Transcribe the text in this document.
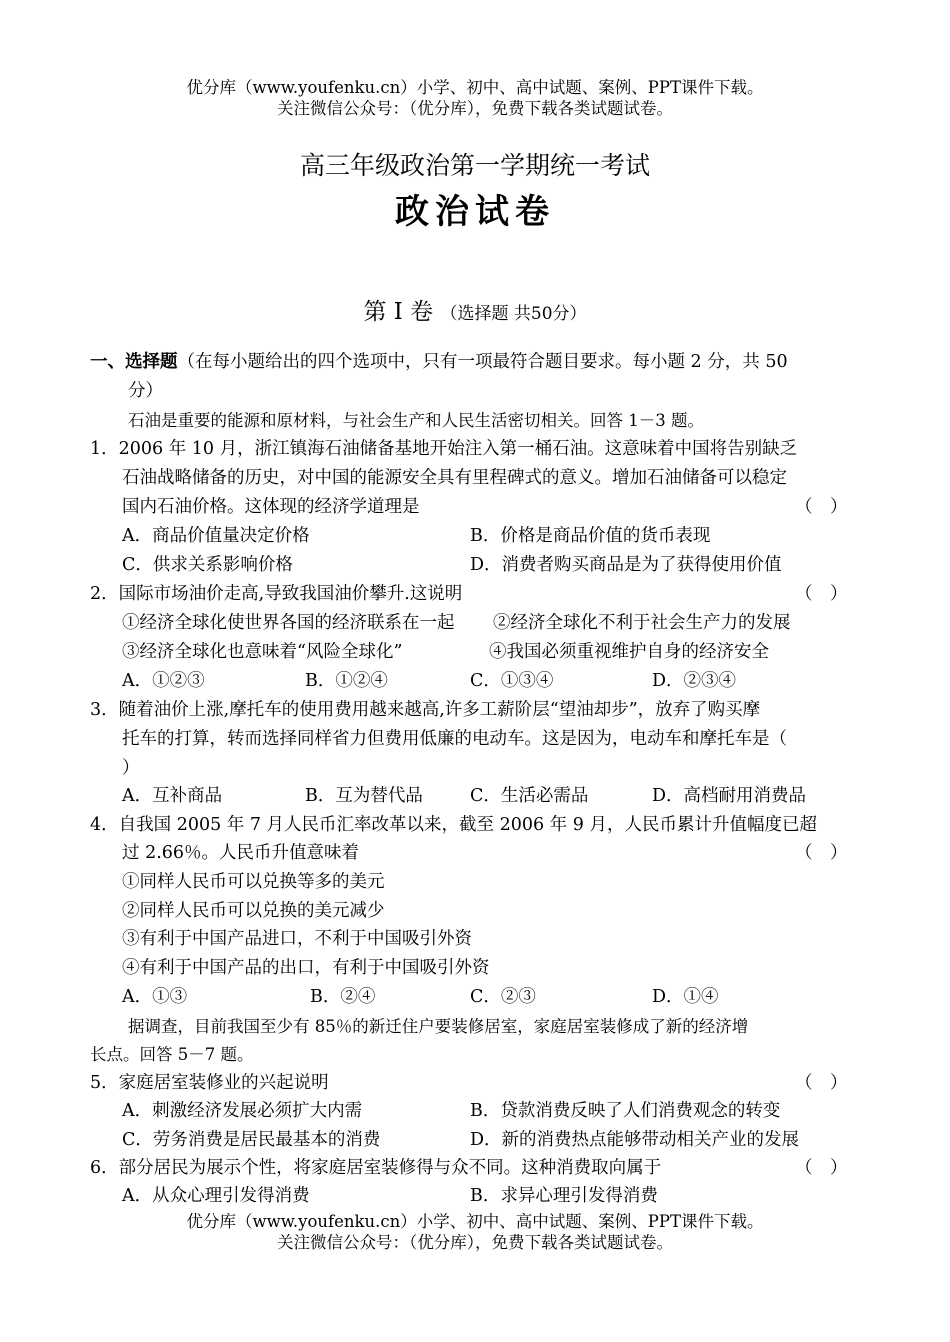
优分库（www.youfenku.cn）小学、初中、高中试题、案例、PPT课件下载。
关注微信公众号：（优分库），免费下载各类试题试卷。
高三年级政治第一学期统一考试
政治试卷
第 I 卷 （选择题 共50分）
一、选择题（在每小题给出的四个选项中，只有一项最符合题目要求。每小题 2 分，共 50
分）
石油是重要的能源和原材料，与社会生产和人民生活密切相关。回答 1－3 题。
1．2006 年 10 月，浙江镇海石油储备基地开始注入第一桶石油。这意味着中国将告别缺乏
石油战略储备的历史，对中国的能源安全具有里程碑式的意义。增加石油储备可以稳定
国内石油价格。这体现的经济学道理是	（　）
A．商品价值量决定价格	B．价格是商品价值的货币表现
C．供求关系影响价格	D．消费者购买商品是为了获得使用价值
2．国际市场油价走高,导致我国油价攀升.这说明	（　）
①经济全球化使世界各国的经济联系在一起 ②经济全球化不利于社会生产力的发展
③经济全球化也意味着“风险全球化”	④我国必须重视维护自身的经济安全
A．①②③	B．①②④	C．①③④	D．②③④
3．随着油价上涨,摩托车的使用费用越来越高,许多工薪阶层“望油却步”，放弃了购买摩
托车的打算，转而选择同样省力但费用低廉的电动车。这是因为，电动车和摩托车是（
）
A．互补商品	B．互为替代品	C．生活必需品	D．高档耐用消费品
4．自我国 2005 年 7 月人民币汇率改革以来，截至 2006 年 9 月，人民币累计升值幅度已超
过 2.66％。人民币升值意味着	（　）
①同样人民币可以兑换等多的美元
②同样人民币可以兑换的美元减少
③有利于中国产品进口，不利于中国吸引外资
④有利于中国产品的出口，有利于中国吸引外资
A．①③	B．②④	C．②③	D．①④
据调查，目前我国至少有 85％的新迁住户要装修居室，家庭居室装修成了新的经济增
长点。回答 5－7 题。
5．家庭居室装修业的兴起说明	（　）
A．刺激经济发展必须扩大内需	B．贷款消费反映了人们消费观念的转变
C．劳务消费是居民最基本的消费	D．新的消费热点能够带动相关产业的发展
6．部分居民为展示个性，将家庭居室装修得与众不同。这种消费取向属于	（　）
A．从众心理引发得消费	B．求异心理引发得消费
优分库（www.youfenku.cn）小学、初中、高中试题、案例、PPT课件下载。
关注微信公众号：（优分库），免费下载各类试题试卷。
